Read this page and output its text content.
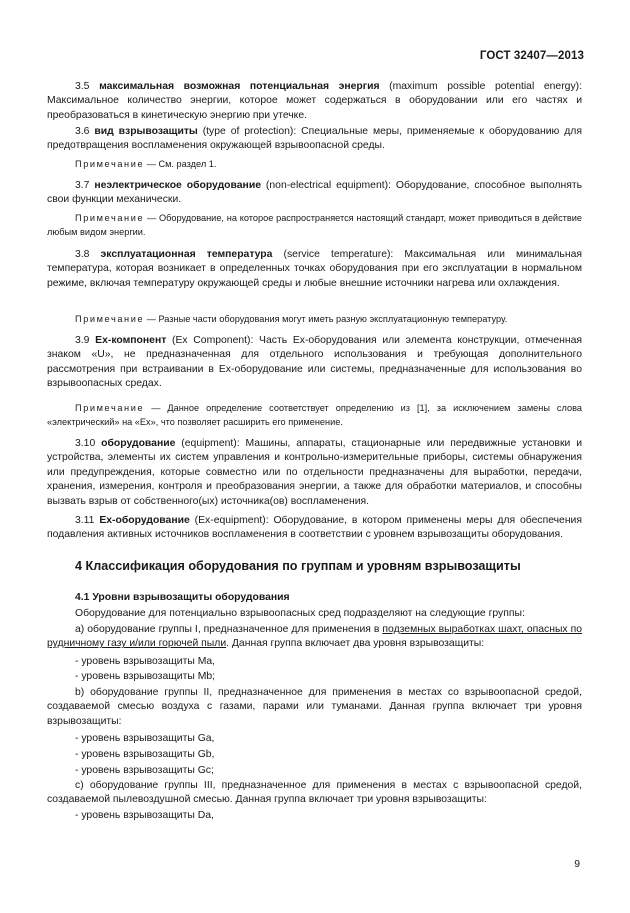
ГОСТ 32407—2013

3.5 максимальная возможная потенциальная энергия (maximum possible potential energy): Максимальное количество энергии, которое может содержаться в оборудовании или его частях и преобразоваться в кинетическую энергию при утечке.

3.6 вид взрывозащиты (type of protection): Специальные меры, применяемые к оборудованию для предотвращения воспламенения окружающей взрывоопасной среды.

Примечание — См. раздел 1.

3.7 неэлектрическое оборудование (non-electrical equipment): Оборудование, способное выполнять свои функции механически.

Примечание — Оборудование, на которое распространяется настоящий стандарт, может приводиться в действие любым видом энергии.

3.8 эксплуатационная температура (service temperature): Максимальная или минимальная температура, которая возникает в определенных точках оборудования при его эксплуатации в нормальном режиме, включая температуру окружающей среды и любые внешние источники нагрева или охлаждения.

Примечание — Разные части оборудования могут иметь разную эксплуатационную температуру.

3.9 Ex-компонент (Ex Component): Часть Ex-оборудования или элемента конструкции, отмеченная знаком «U», не предназначенная для отдельного использования и требующая дополнительного рассмотрения при встраивании в Ex-оборудование или системы, предназначенные для использования во взрывоопасных средах.

Примечание — Данное определение соответствует определению из [1], за исключением замены слова «электрический» на «Ex», что позволяет расширить его применение.

3.10 оборудование (equipment): Машины, аппараты, стационарные или передвижные установки и устройства, элементы их систем управления и контрольно-измерительные приборы, системы обнаружения или предупреждения, которые совместно или по отдельности предназначены для выработки, передачи, хранения, измерения, контроля и преобразования энергии, а также для обработки материалов, и способны вызвать взрыв от собственного(ых) источника(ов) воспламенения.

3.11 Ex-оборудование (Ex-equipment): Оборудование, в котором применены меры для обеспечения подавления активных источников воспламенения в соответствии с уровнем взрывозащиты оборудования.

4 Классификация оборудования по группам и уровням взрывозащиты
4.1 Уровни взрывозащиты оборудования

Оборудование для потенциально взрывоопасных сред подразделяют на следующие группы:

а) оборудование группы I, предназначенное для применения в подземных выработках шахт, опасных по рудничному газу и/или горючей пыли. Данная группа включает два уровня взрывозащиты:

- уровень взрывозащиты Ma,
- уровень взрывозащиты Mb;

b) оборудование группы II, предназначенное для применения в местах со взрывоопасной средой, создаваемой смесью воздуха с газами, парами или туманами. Данная группа включает три уровня взрывозащиты:

- уровень взрывозащиты Ga,
- уровень взрывозащиты Gb,
- уровень взрывозащиты Gc;

c) оборудование группы III, предназначенное для применения в местах с взрывоопасной средой, создаваемой пылевоздушной смесью. Данная группа включает три уровня взрывозащиты:

- уровень взрывозащиты Da,
9
